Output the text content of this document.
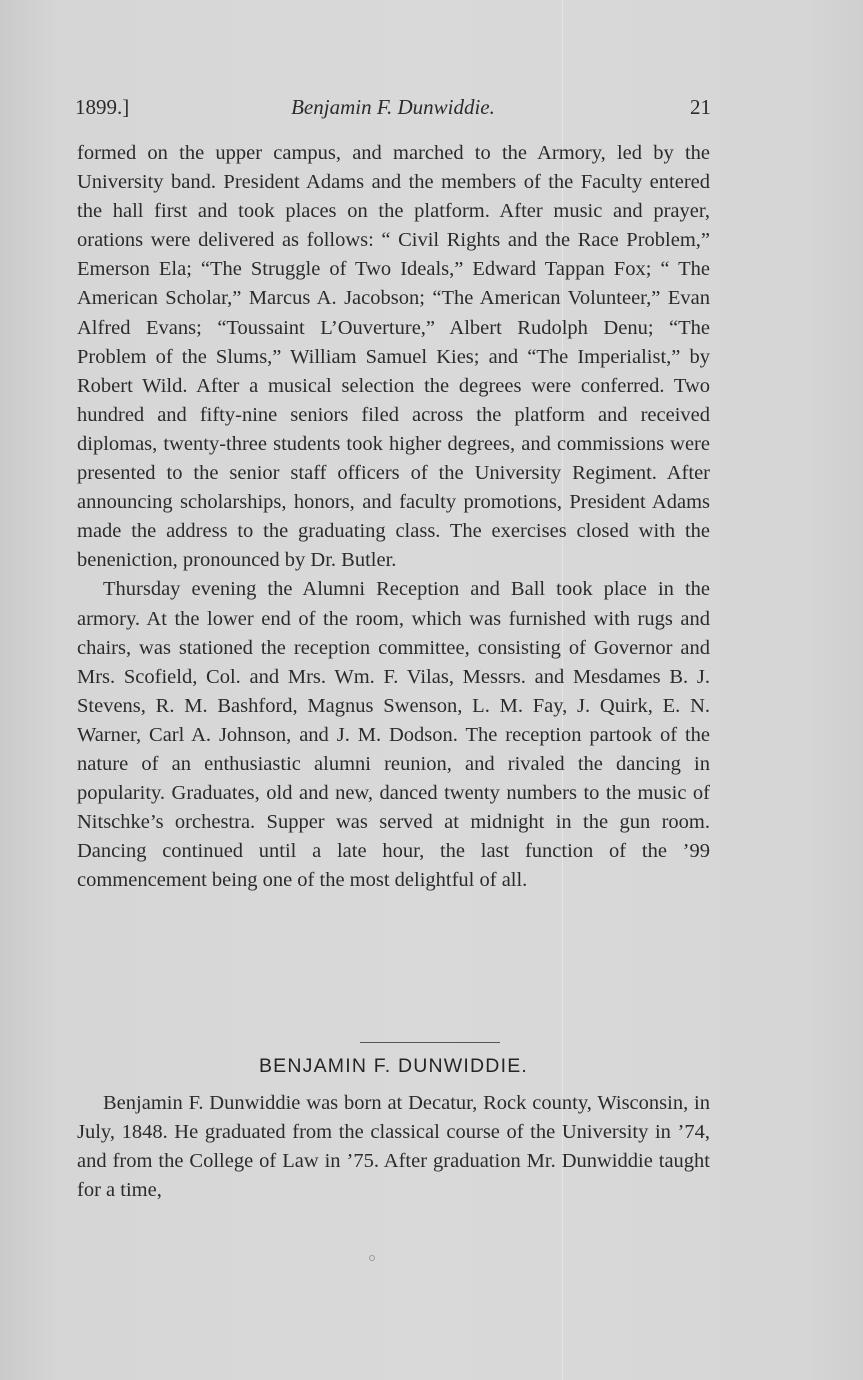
1899.]	Benjamin F. Dunwiddie.	21

formed on the upper campus, and marched to the Armory, led by the University band. President Adams and the members of the Faculty entered the hall first and took places on the platform. After music and prayer, orations were delivered as follows: “ Civil Rights and the Race Problem,” Emerson Ela; “The Struggle of Two Ideals,” Edward Tappan Fox; “ The American Scholar,” Marcus A. Jacobson; “The American Volunteer,” Evan Alfred Evans; “Toussaint L’Ouverture,” Albert Rudolph Denu; “The Problem of the Slums,” William Samuel Kies; and “The Imperialist,” by Robert Wild. After a musical selection the degrees were conferred. Two hundred and fifty-nine seniors filed across the platform and received diplomas, twenty-three students took higher degrees, and commissions were presented to the senior staff officers of the University Regiment. After announcing scholarships, honors, and faculty promotions, President Adams made the address to the graduating class. The exercises closed with the beneniction, pronounced by Dr. Butler.

Thursday evening the Alumni Reception and Ball took place in the armory. At the lower end of the room, which was furnished with rugs and chairs, was stationed the reception committee, consisting of Governor and Mrs. Scofield, Col. and Mrs. Wm. F. Vilas, Messrs. and Mesdames B. J. Stevens, R. M. Bashford, Magnus Swenson, L. M. Fay, J. Quirk, E. N. Warner, Carl A. Johnson, and J. M. Dodson. The reception partook of the nature of an enthusiastic alumni reunion, and rivaled the dancing in popularity. Graduates, old and new, danced twenty numbers to the music of Nitschke’s orchestra. Supper was served at midnight in the gun room. Dancing continued until a late hour, the last function of the ’99 commencement being one of the most delightful of all.

BENJAMIN F. DUNWIDDIE.

Benjamin F. Dunwiddie was born at Decatur, Rock county, Wisconsin, in July, 1848. He graduated from the classical course of the University in ’74, and from the College of Law in ’75. After graduation Mr. Dunwiddie taught for a time,
